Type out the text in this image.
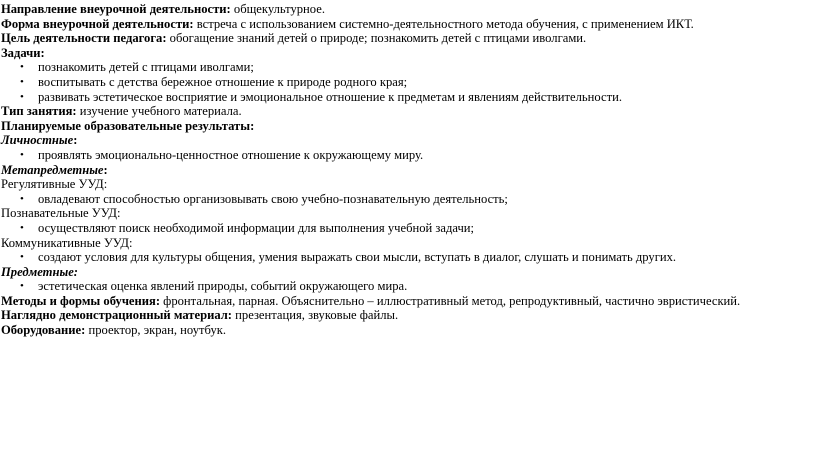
Направление внеурочной деятельности: общекультурное.

Форма внеурочной деятельности: встреча с использованием системно-деятельностного метода обучения, с применением ИКТ.

Цель деятельности педагога: обогащение знаний детей о природе; познакомить детей с птицами иволгами.

Задачи:

• познакомить детей с птицами иволгами;
• воспитывать с детства бережное отношение к природе родного края;
• развивать эстетическое восприятие и эмоциональное отношение к предметам и явлениям действительности.

Тип занятия: изучение учебного материала.

Планируемые образовательные результаты:

Личностные:

• проявлять эмоционально-ценностное отношение к окружающему миру.

Метапредметные:

Регулятивные УУД:

• овладевают способностью организовывать свою учебно-познавательную деятельность;

Познавательные УУД:

• осуществляют поиск необходимой информации для выполнения учебной задачи;

Коммуникативные УУД:

• создают условия для культуры общения, умения выражать свои мысли, вступать в диалог, слушать и понимать других.

Предметные:

• эстетическая оценка явлений природы, событий окружающего мира.

Методы и формы обучения: фронтальная, парная. Объяснительно – иллюстративный метод, репродуктивный, частично эвристический.

Наглядно демонстрационный материал: презентация, звуковые файлы.

Оборудование: проектор, экран, ноутбук.
